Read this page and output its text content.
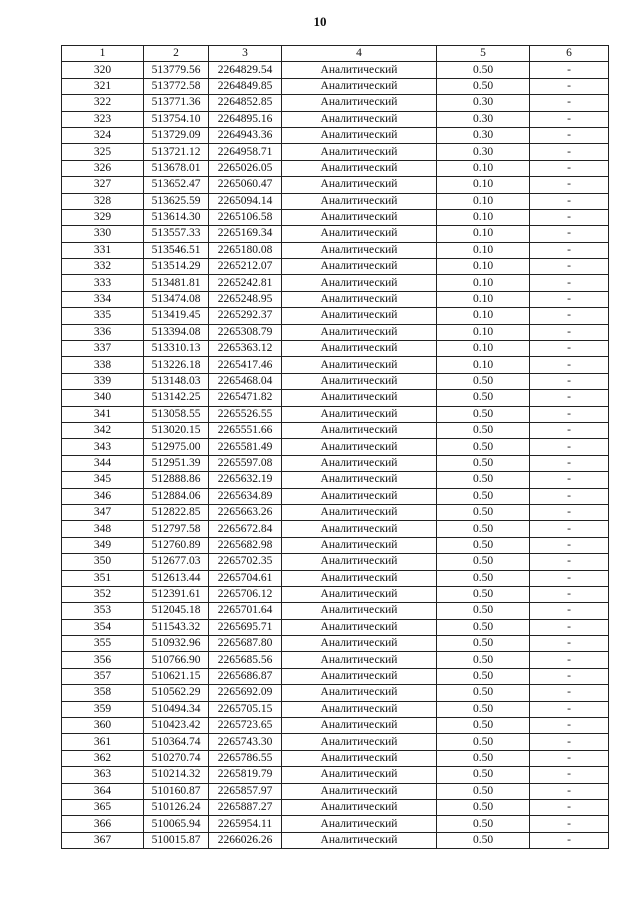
10
1	2	3	4	5	6
320	513779.56	2264829.54	Аналитический	0.50	-
321	513772.58	2264849.85	Аналитический	0.50	-
322	513771.36	2264852.85	Аналитический	0.30	-
323	513754.10	2264895.16	Аналитический	0.30	-
324	513729.09	2264943.36	Аналитический	0.30	-
325	513721.12	2264958.71	Аналитический	0.30	-
326	513678.01	2265026.05	Аналитический	0.10	-
327	513652.47	2265060.47	Аналитический	0.10	-
328	513625.59	2265094.14	Аналитический	0.10	-
329	513614.30	2265106.58	Аналитический	0.10	-
330	513557.33	2265169.34	Аналитический	0.10	-
331	513546.51	2265180.08	Аналитический	0.10	-
332	513514.29	2265212.07	Аналитический	0.10	-
333	513481.81	2265242.81	Аналитический	0.10	-
334	513474.08	2265248.95	Аналитический	0.10	-
335	513419.45	2265292.37	Аналитический	0.10	-
336	513394.08	2265308.79	Аналитический	0.10	-
337	513310.13	2265363.12	Аналитический	0.10	-
338	513226.18	2265417.46	Аналитический	0.10	-
339	513148.03	2265468.04	Аналитический	0.50	-
340	513142.25	2265471.82	Аналитический	0.50	-
341	513058.55	2265526.55	Аналитический	0.50	-
342	513020.15	2265551.66	Аналитический	0.50	-
343	512975.00	2265581.49	Аналитический	0.50	-
344	512951.39	2265597.08	Аналитический	0.50	-
345	512888.86	2265632.19	Аналитический	0.50	-
346	512884.06	2265634.89	Аналитический	0.50	-
347	512822.85	2265663.26	Аналитический	0.50	-
348	512797.58	2265672.84	Аналитический	0.50	-
349	512760.89	2265682.98	Аналитический	0.50	-
350	512677.03	2265702.35	Аналитический	0.50	-
351	512613.44	2265704.61	Аналитический	0.50	-
352	512391.61	2265706.12	Аналитический	0.50	-
353	512045.18	2265701.64	Аналитический	0.50	-
354	511543.32	2265695.71	Аналитический	0.50	-
355	510932.96	2265687.80	Аналитический	0.50	-
356	510766.90	2265685.56	Аналитический	0.50	-
357	510621.15	2265686.87	Аналитический	0.50	-
358	510562.29	2265692.09	Аналитический	0.50	-
359	510494.34	2265705.15	Аналитический	0.50	-
360	510423.42	2265723.65	Аналитический	0.50	-
361	510364.74	2265743.30	Аналитический	0.50	-
362	510270.74	2265786.55	Аналитический	0.50	-
363	510214.32	2265819.79	Аналитический	0.50	-
364	510160.87	2265857.97	Аналитический	0.50	-
365	510126.24	2265887.27	Аналитический	0.50	-
366	510065.94	2265954.11	Аналитический	0.50	-
367	510015.87	2266026.26	Аналитический	0.50	-
